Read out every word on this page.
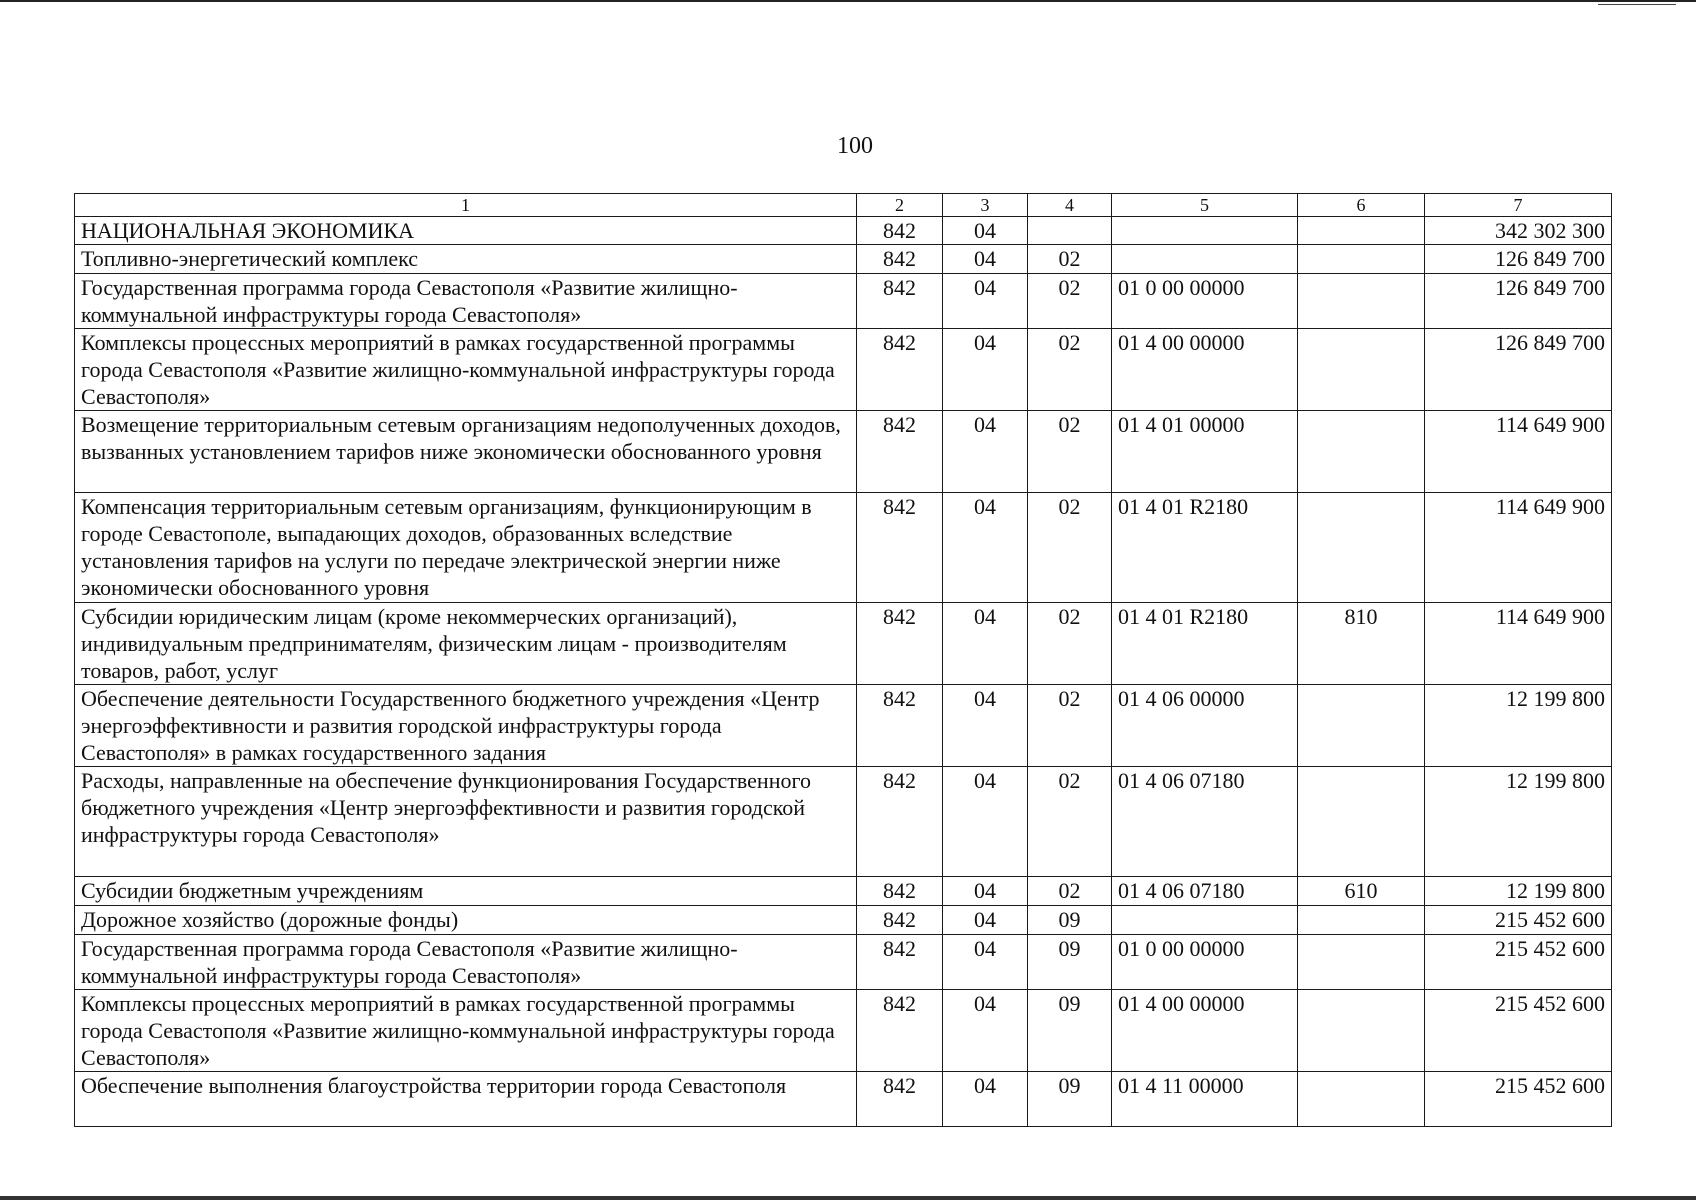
100
1	2	3	4	5	6	7
НАЦИОНАЛЬНАЯ ЭКОНОМИКА	842	04				342 302 300
Топливно-энергетический комплекс	842	04	02			126 849 700
Государственная программа города Севастополя «Развитие жилищно-коммунальной инфраструктуры города Севастополя»	842	04	02	01 0 00 00000		126 849 700
Комплексы процессных мероприятий в рамках государственной программы города Севастополя «Развитие жилищно-коммунальной инфраструктуры города Севастополя»	842	04	02	01 4 00 00000		126 849 700
Возмещение территориальным сетевым организациям недополученных доходов, вызванных установлением тарифов ниже экономически обоснованного уровня	842	04	02	01 4 01 00000		114 649 900
Компенсация территориальным сетевым организациям, функционирующим в городе Севастополе, выпадающих доходов, образованных вследствие установления тарифов на услуги по передаче электрической энергии ниже экономически обоснованного уровня	842	04	02	01 4 01 R2180		114 649 900
Субсидии юридическим лицам (кроме некоммерческих организаций), индивидуальным предпринимателям, физическим лицам - производителям товаров, работ, услуг	842	04	02	01 4 01 R2180	810	114 649 900
Обеспечение деятельности Государственного бюджетного учреждения «Центр энергоэффективности и развития городской инфраструктуры города Севастополя» в рамках государственного задания	842	04	02	01 4 06 00000		12 199 800
Расходы, направленные на обеспечение функционирования Государственного бюджетного учреждения «Центр энергоэффективности и развития городской инфраструктуры города Севастополя»	842	04	02	01 4 06 07180		12 199 800
Субсидии бюджетным учреждениям	842	04	02	01 4 06 07180	610	12 199 800
Дорожное хозяйство (дорожные фонды)	842	04	09			215 452 600
Государственная программа города Севастополя «Развитие жилищно-коммунальной инфраструктуры города Севастополя»	842	04	09	01 0 00 00000		215 452 600
Комплексы процессных мероприятий в рамках государственной программы города Севастополя «Развитие жилищно-коммунальной инфраструктуры города Севастополя»	842	04	09	01 4 00 00000		215 452 600
Обеспечение выполнения благоустройства территории города Севастополя	842	04	09	01 4 11 00000		215 452 600
